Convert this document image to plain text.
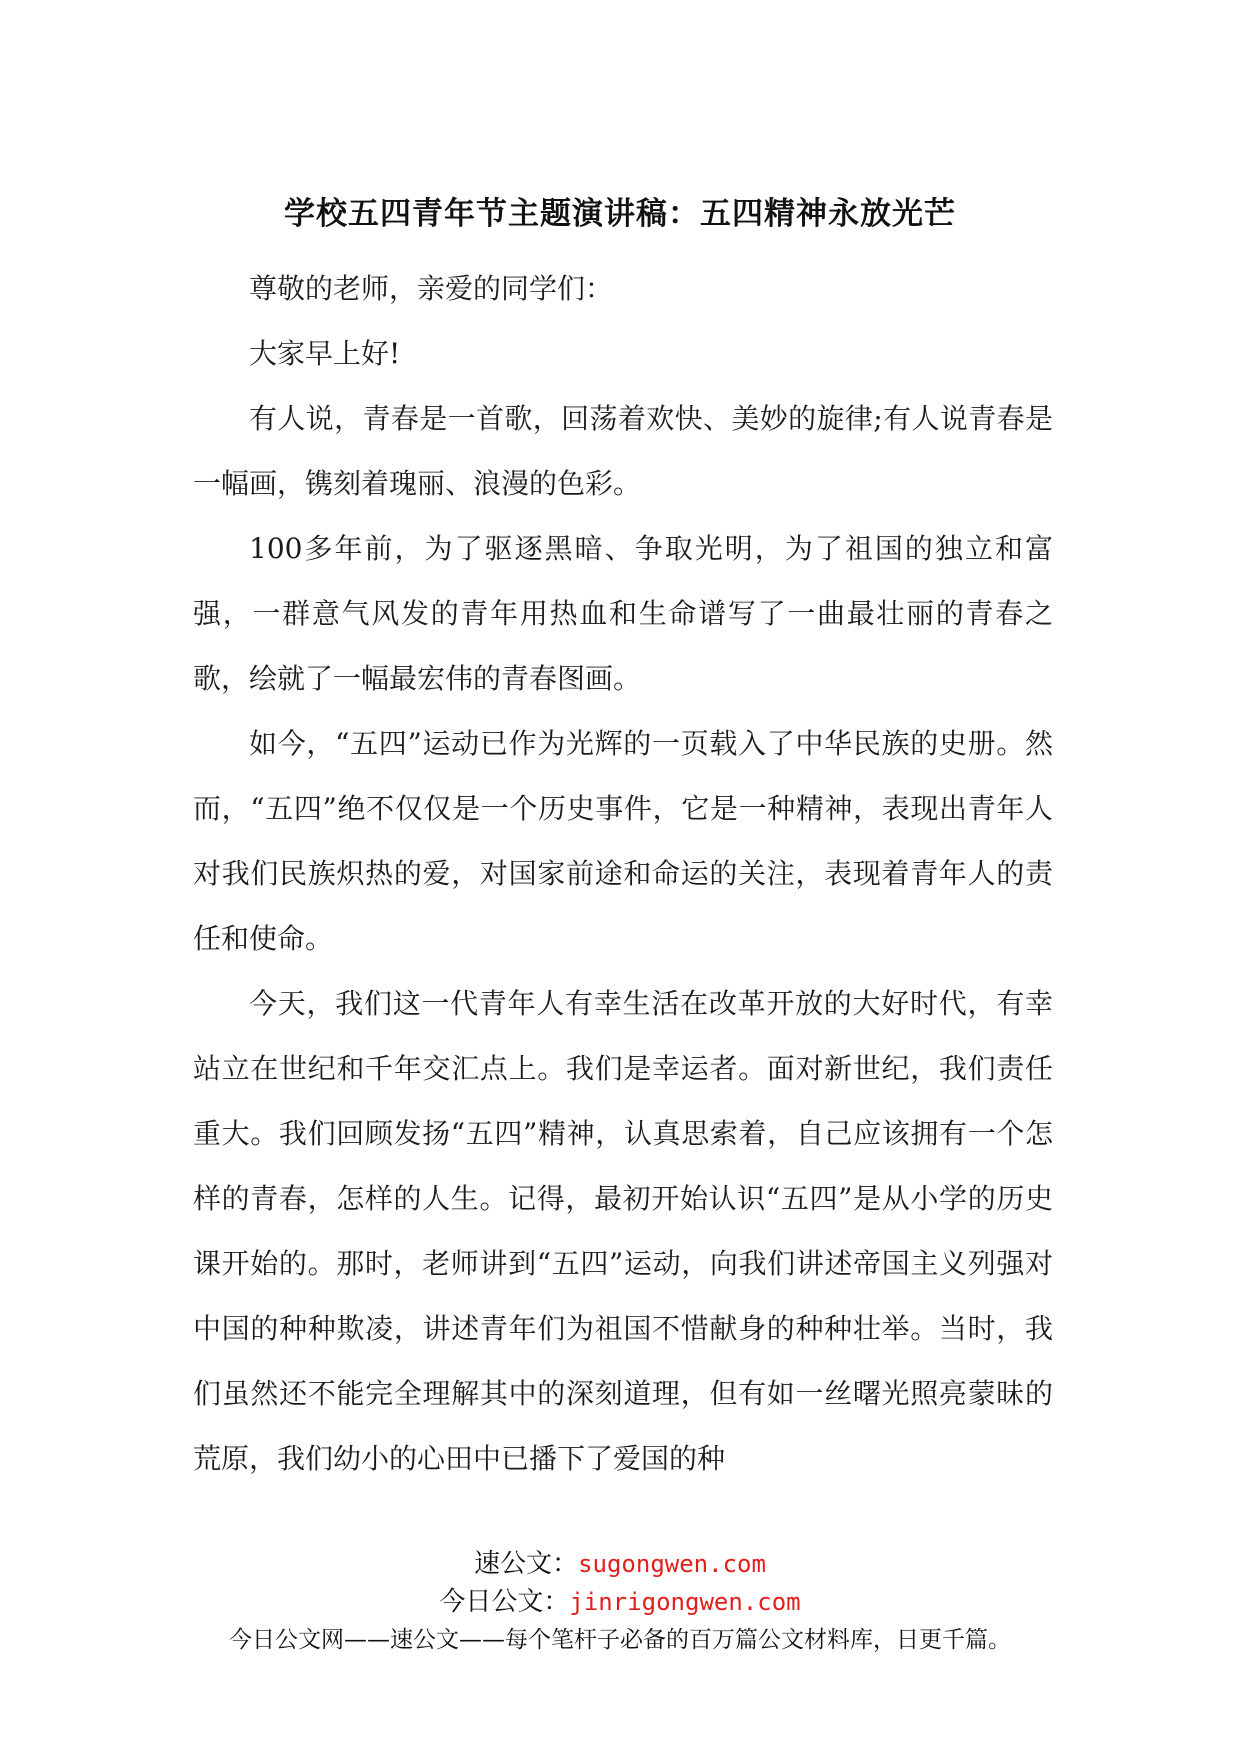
学校五四青年节主题演讲稿：五四精神永放光芒

尊敬的老师，亲爱的同学们：

大家早上好!

有人说，青春是一首歌，回荡着欢快、美妙的旋律;有人说青春是一幅画，镌刻着瑰丽、浪漫的色彩。

100多年前，为了驱逐黑暗、争取光明，为了祖国的独立和富强，一群意气风发的青年用热血和生命谱写了一曲最壮丽的青春之歌，绘就了一幅最宏伟的青春图画。

如今，“五四”运动已作为光辉的一页载入了中华民族的史册。然而，“五四”绝不仅仅是一个历史事件，它是一种精神，表现出青年人对我们民族炽热的爱，对国家前途和命运的关注，表现着青年人的责任和使命。

今天，我们这一代青年人有幸生活在改革开放的大好时代，有幸站立在世纪和千年交汇点上。我们是幸运者。面对新世纪，我们责任重大。我们回顾发扬“五四”精神，认真思索着，自己应该拥有一个怎样的青春，怎样的人生。记得，最初开始认识“五四”是从小学的历史课开始的。那时，老师讲到“五四”运动，向我们讲述帝国主义列强对中国的种种欺凌，讲述青年们为祖国不惜献身的种种壮举。当时，我们虽然还不能完全理解其中的深刻道理，但有如一丝曙光照亮蒙昧的荒原，我们幼小的心田中已播下了爱国的种

速公文：sugongwen.com
今日公文：jinrigongwen.com
今日公文网——速公文——每个笔杆子必备的百万篇公文材料库，日更千篇。
